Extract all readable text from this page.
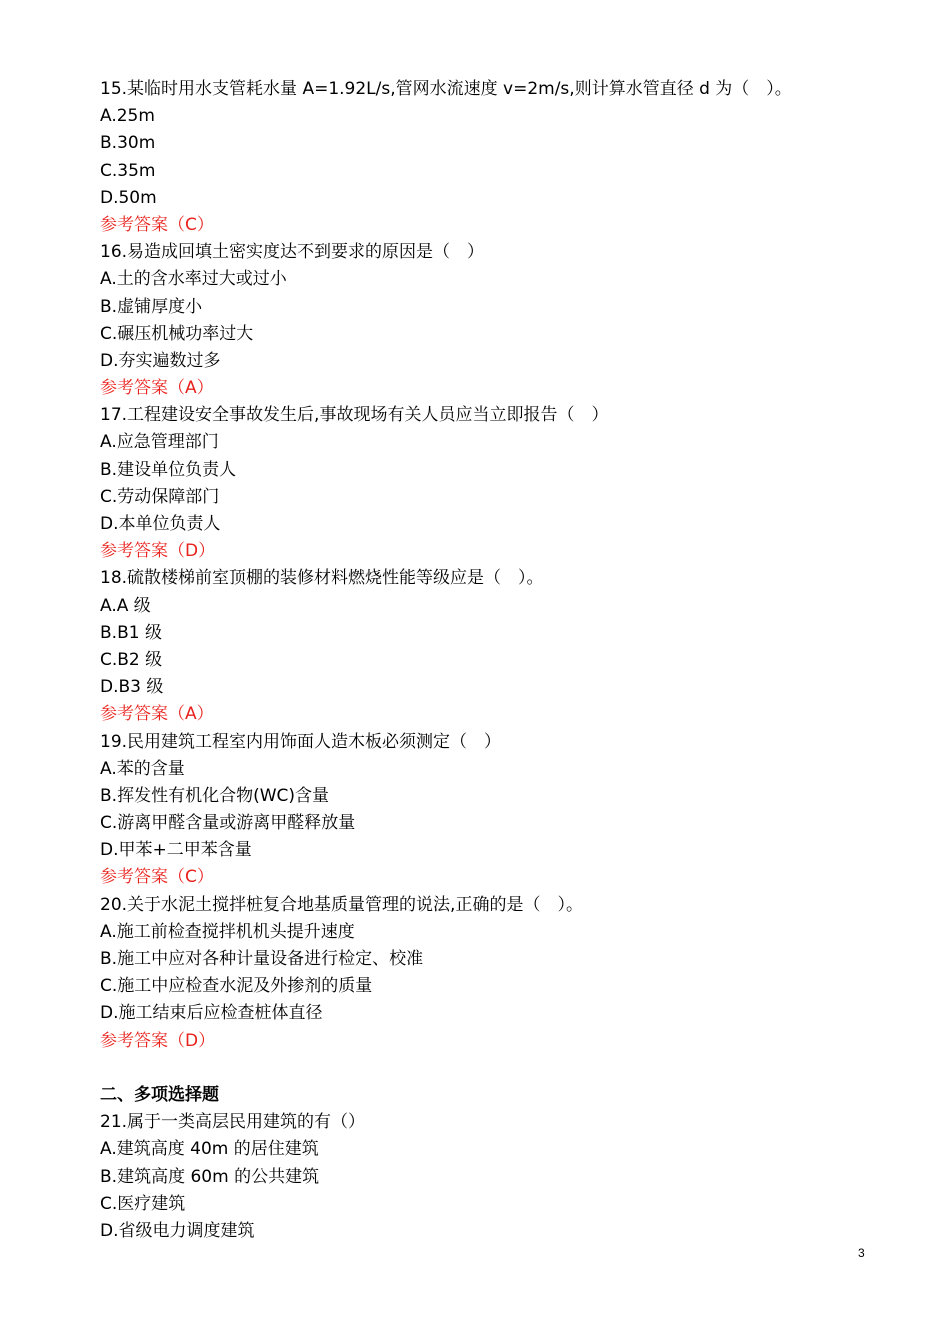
15.某临时用水支管耗水量 A=1.92L/s,管网水流速度 v=2m/s,则计算水管直径 d 为（　）。
A.25m
B.30m
C.35m
D.50m
参考答案（C）
16.易造成回填土密实度达不到要求的原因是（　）
A.土的含水率过大或过小
B.虚铺厚度小
C.碾压机械功率过大
D.夯实遍数过多
参考答案（A）
17.工程建设安全事故发生后,事故现场有关人员应当立即报告（　）
A.应急管理部门
B.建设单位负责人
C.劳动保障部门
D.本单位负责人
参考答案（D）
18.硫散楼梯前室顶棚的装修材料燃烧性能等级应是（　）。
A.A 级
B.B1 级
C.B2 级
D.B3 级
参考答案（A）
19.民用建筑工程室内用饰面人造木板必须测定（　）
A.苯的含量
B.挥发性有机化合物(WC)含量
C.游离甲醛含量或游离甲醛释放量
D.甲苯+二甲苯含量
参考答案（C）
20.关于水泥土搅拌桩复合地基质量管理的说法,正确的是（　）。
A.施工前检查搅拌机机头提升速度
B.施工中应对各种计量设备进行检定、校准
C.施工中应检查水泥及外掺剂的质量
D.施工结束后应检查桩体直径
参考答案（D）
二、多项选择题
21.属于一类高层民用建筑的有（）
A.建筑高度 40m 的居住建筑
B.建筑高度 60m 的公共建筑
C.医疗建筑
D.省级电力调度建筑
3
